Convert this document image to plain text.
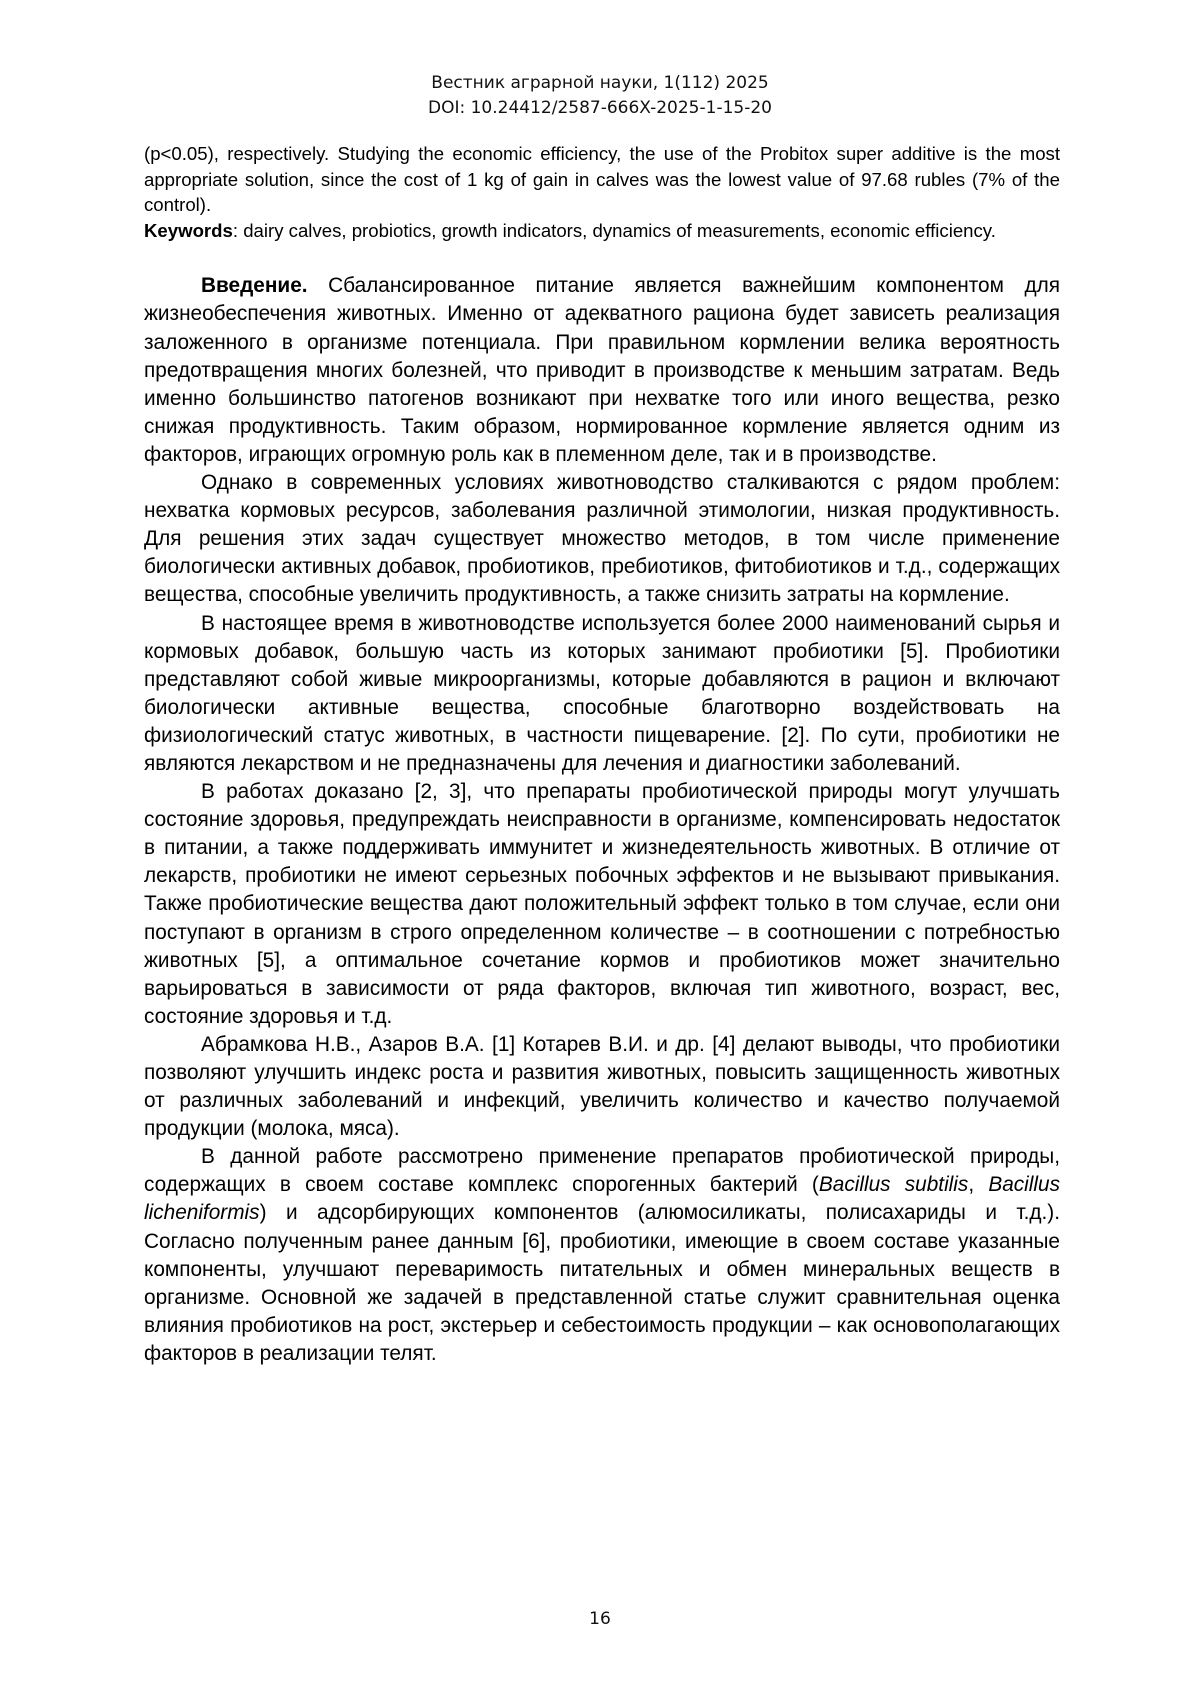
Вестник аграрной науки, 1(112) 2025
DOI: 10.24412/2587-666X-2025-1-15-20

(p<0.05), respectively. Studying the economic efficiency, the use of the Probitox super additive is the most appropriate solution, since the cost of 1 kg of gain in calves was the lowest value of 97.68 rubles (7% of the control).

Keywords: dairy calves, probiotics, growth indicators, dynamics of measurements, economic efficiency.

Введение. Сбалансированное питание является важнейшим компонентом для жизнеобеспечения животных. Именно от адекватного рациона будет зависеть реализация заложенного в организме потенциала. При правильном кормлении велика вероятность предотвращения многих болезней, что приводит в производстве к меньшим затратам. Ведь именно большинство патогенов возникают при нехватке того или иного вещества, резко снижая продуктивность. Таким образом, нормированное кормление является одним из факторов, играющих огромную роль как в племенном деле, так и в производстве.

Однако в современных условиях животноводство сталкиваются с рядом проблем: нехватка кормовых ресурсов, заболевания различной этимологии, низкая продуктивность. Для решения этих задач существует множество методов, в том числе применение биологически активных добавок, пробиотиков, пребиотиков, фитобиотиков и т.д., содержащих вещества, способные увеличить продуктивность, а также снизить затраты на кормление.

В настоящее время в животноводстве используется более 2000 наименований сырья и кормовых добавок, большую часть из которых занимают пробиотики [5]. Пробиотики представляют собой живые микроорганизмы, которые добавляются в рацион и включают биологически активные вещества, способные благотворно воздействовать на физиологический статус животных, в частности пищеварение. [2]. По сути, пробиотики не являются лекарством и не предназначены для лечения и диагностики заболеваний.

В работах доказано [2, 3], что препараты пробиотической природы могут улучшать состояние здоровья, предупреждать неисправности в организме, компенсировать недостаток в питании, а также поддерживать иммунитет и жизнедеятельность животных. В отличие от лекарств, пробиотики не имеют серьезных побочных эффектов и не вызывают привыкания. Также пробиотические вещества дают положительный эффект только в том случае, если они поступают в организм в строго определенном количестве – в соотношении с потребностью животных [5], а оптимальное сочетание кормов и пробиотиков может значительно варьироваться в зависимости от ряда факторов, включая тип животного, возраст, вес, состояние здоровья и т.д.

Абрамкова Н.В., Азаров В.А. [1] Котарев В.И. и др. [4] делают выводы, что пробиотики позволяют улучшить индекс роста и развития животных, повысить защищенность животных от различных заболеваний и инфекций, увеличить количество и качество получаемой продукции (молока, мяса).

В данной работе рассмотрено применение препаратов пробиотической природы, содержащих в своем составе комплекс спорогенных бактерий (Bacillus subtilis, Bacillus licheniformis) и адсорбирующих компонентов (алюмосиликаты, полисахариды и т.д.). Согласно полученным ранее данным [6], пробиотики, имеющие в своем составе указанные компоненты, улучшают переваримость питательных и обмен минеральных веществ в организме. Основной же задачей в представленной статье служит сравнительная оценка влияния пробиотиков на рост, экстерьер и себестоимость продукции – как основополагающих факторов в реализации телят.

16
